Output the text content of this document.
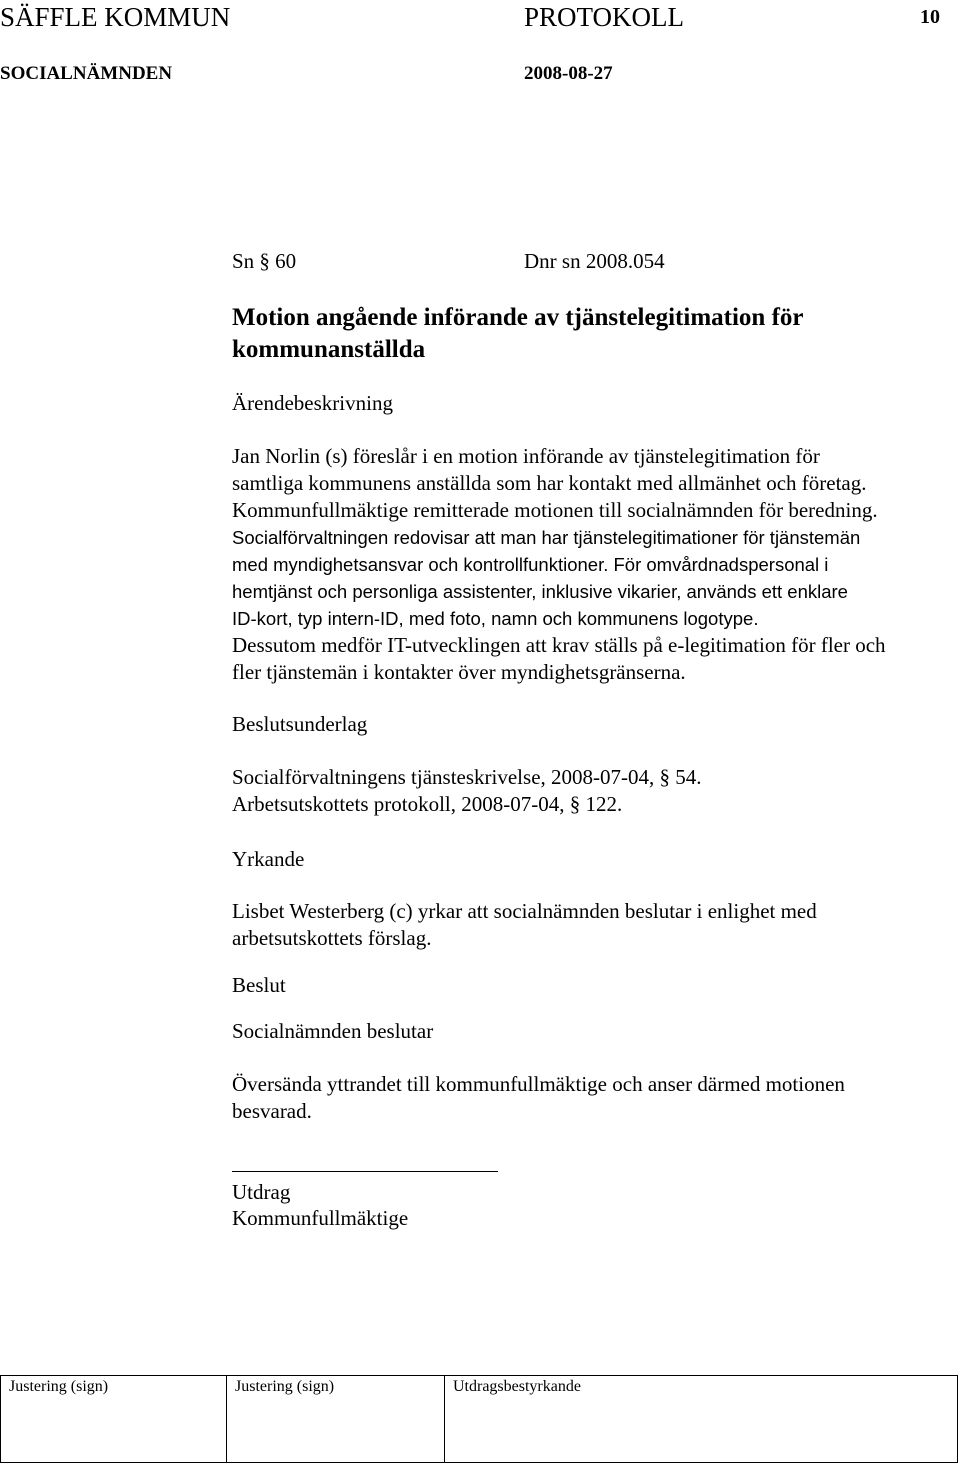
SÄFFLE KOMMUN	PROTOKOLL	10
SOCIALNÄMNDEN	2008-08-27
Sn § 60	Dnr sn 2008.054
Motion angående införande av tjänstelegitimation för
kommunanställda
Ärendebeskrivning
Jan Norlin (s) föreslår i en motion införande av tjänstelegitimation för
samtliga kommunens anställda som har kontakt med allmänhet och företag.
Kommunfullmäktige remitterade motionen till socialnämnden för beredning.
Socialförvaltningen redovisar att man har tjänstelegitimationer för tjänstemän
med myndighetsansvar och kontrollfunktioner. För omvårdnadspersonal i
hemtjänst och personliga assistenter, inklusive vikarier, används ett enklare
ID-kort, typ intern-ID, med foto, namn och kommunens logotype.
Dessutom medför IT-utvecklingen att krav ställs på e-legitimation för fler och
fler tjänstemän i kontakter över myndighetsgränserna.
Beslutsunderlag
Socialförvaltningens tjänsteskrivelse, 2008-07-04, § 54.
Arbetsutskottets protokoll, 2008-07-04, § 122.
Yrkande
Lisbet Westerberg (c) yrkar att socialnämnden beslutar i enlighet med
arbetsutskottets förslag.
Beslut
Socialnämnden beslutar
Översända yttrandet till kommunfullmäktige och anser därmed motionen
besvarad.
Utdrag
Kommunfullmäktige
Justering (sign)	Justering (sign)	Utdragsbestyrkande
